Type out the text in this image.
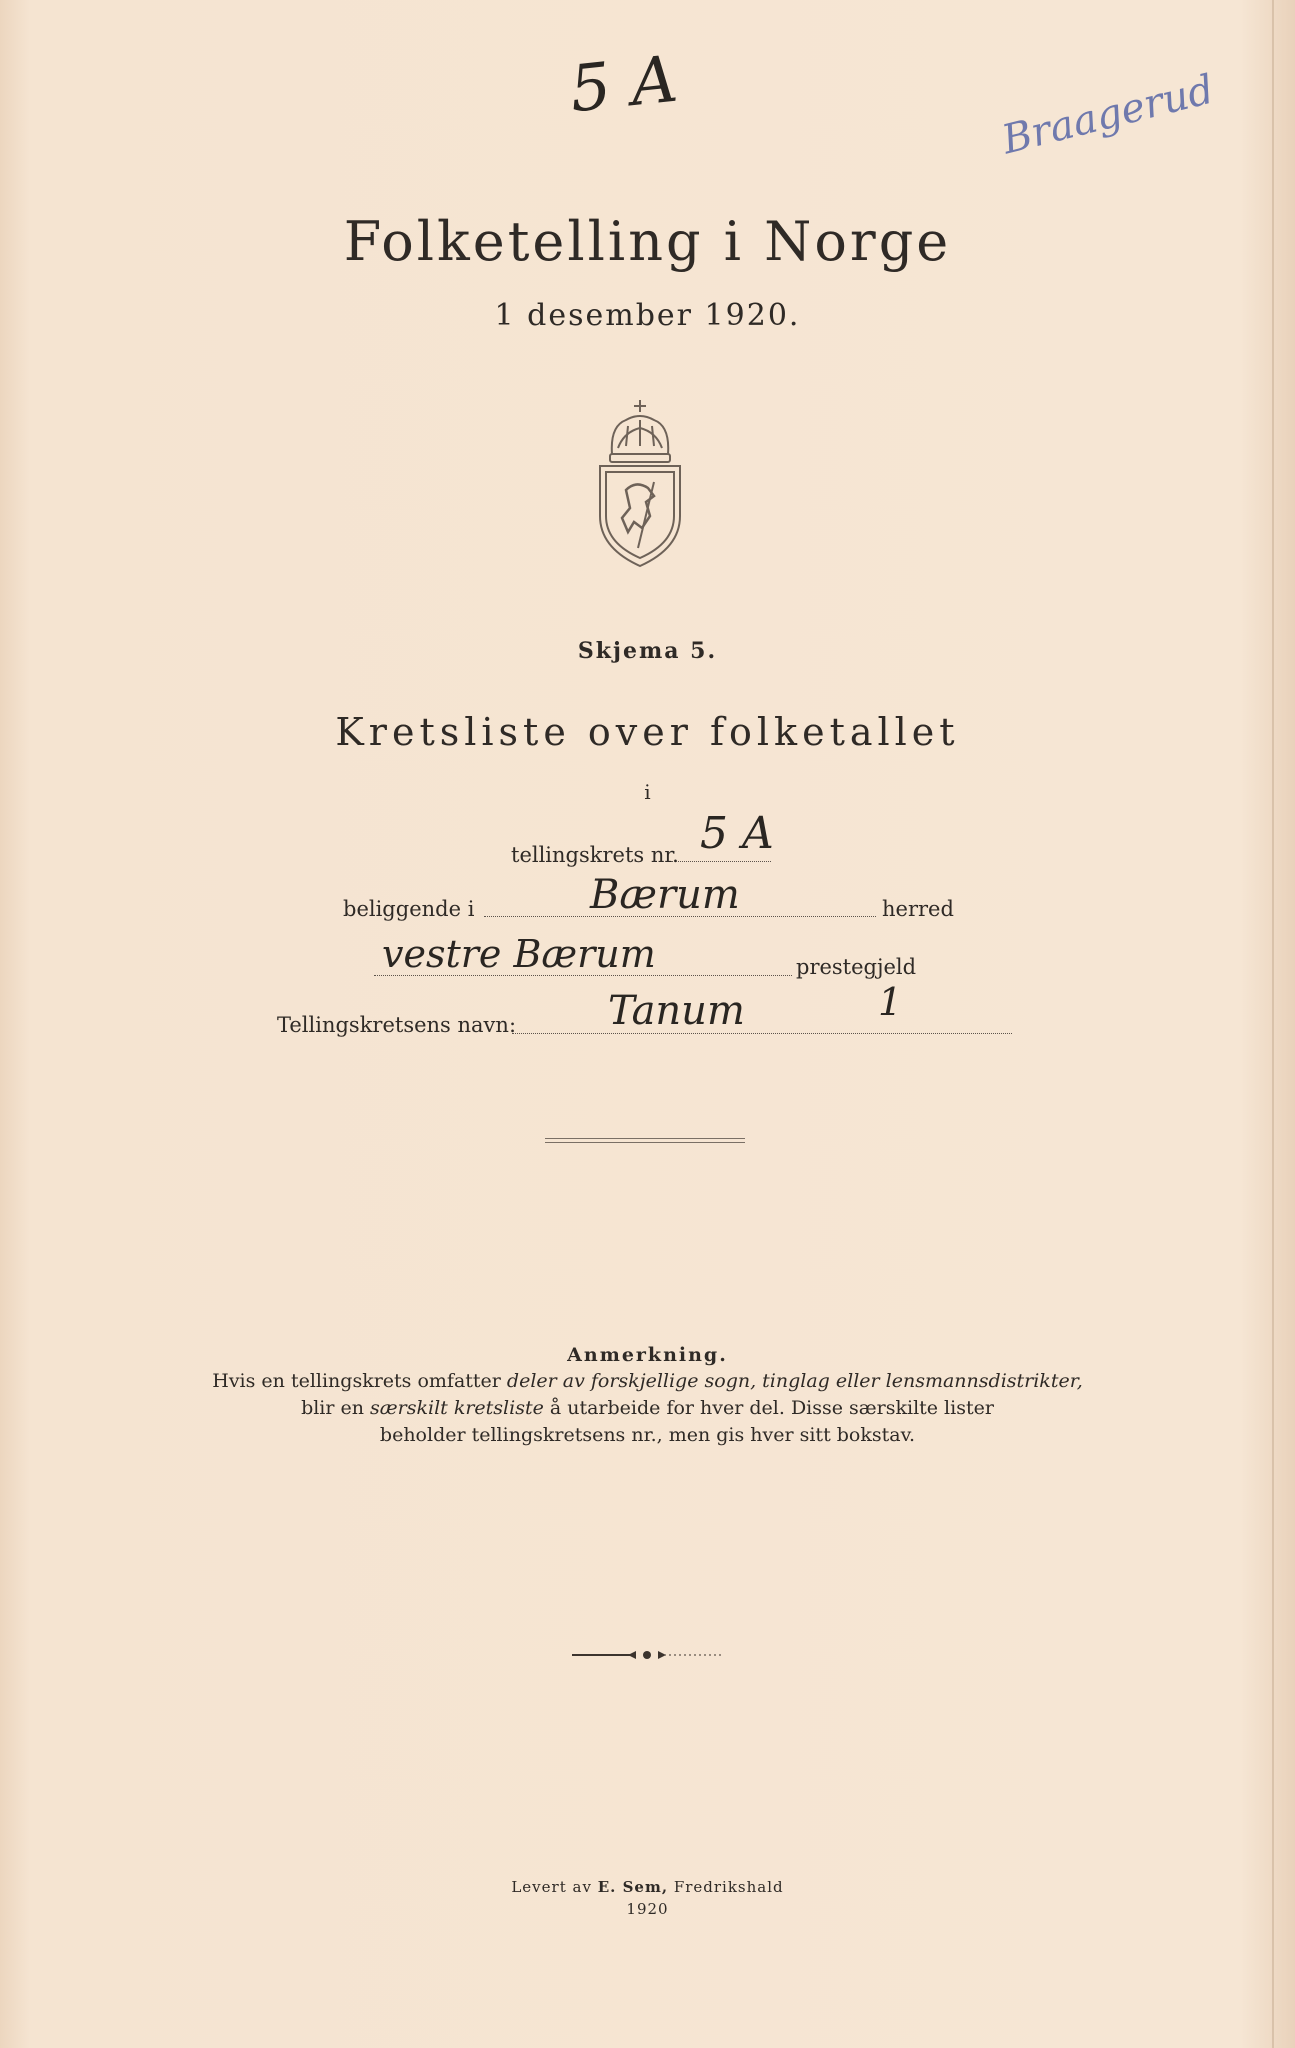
5 A	Braagerud
Folketelling i Norge
1 desember 1920.
Skjema 5.
Kretsliste over folketallet
i
tellingskrets nr. 5 A
beliggende i	Bærum	herred
vestre Bærum	prestegjeld
Tellingskretsens navn: Tanum	1
Anmerkning.
Hvis en tellingskrets omfatter deler av forskjellige sogn, tinglag eller lensmannsdistrikter,
blir en særskilt kretsliste å utarbeide for hver del. Disse særskilte lister
beholder tellingskretsens nr., men gis hver sitt bokstav.
Levert av E. Sem, Fredrikshald
1920
